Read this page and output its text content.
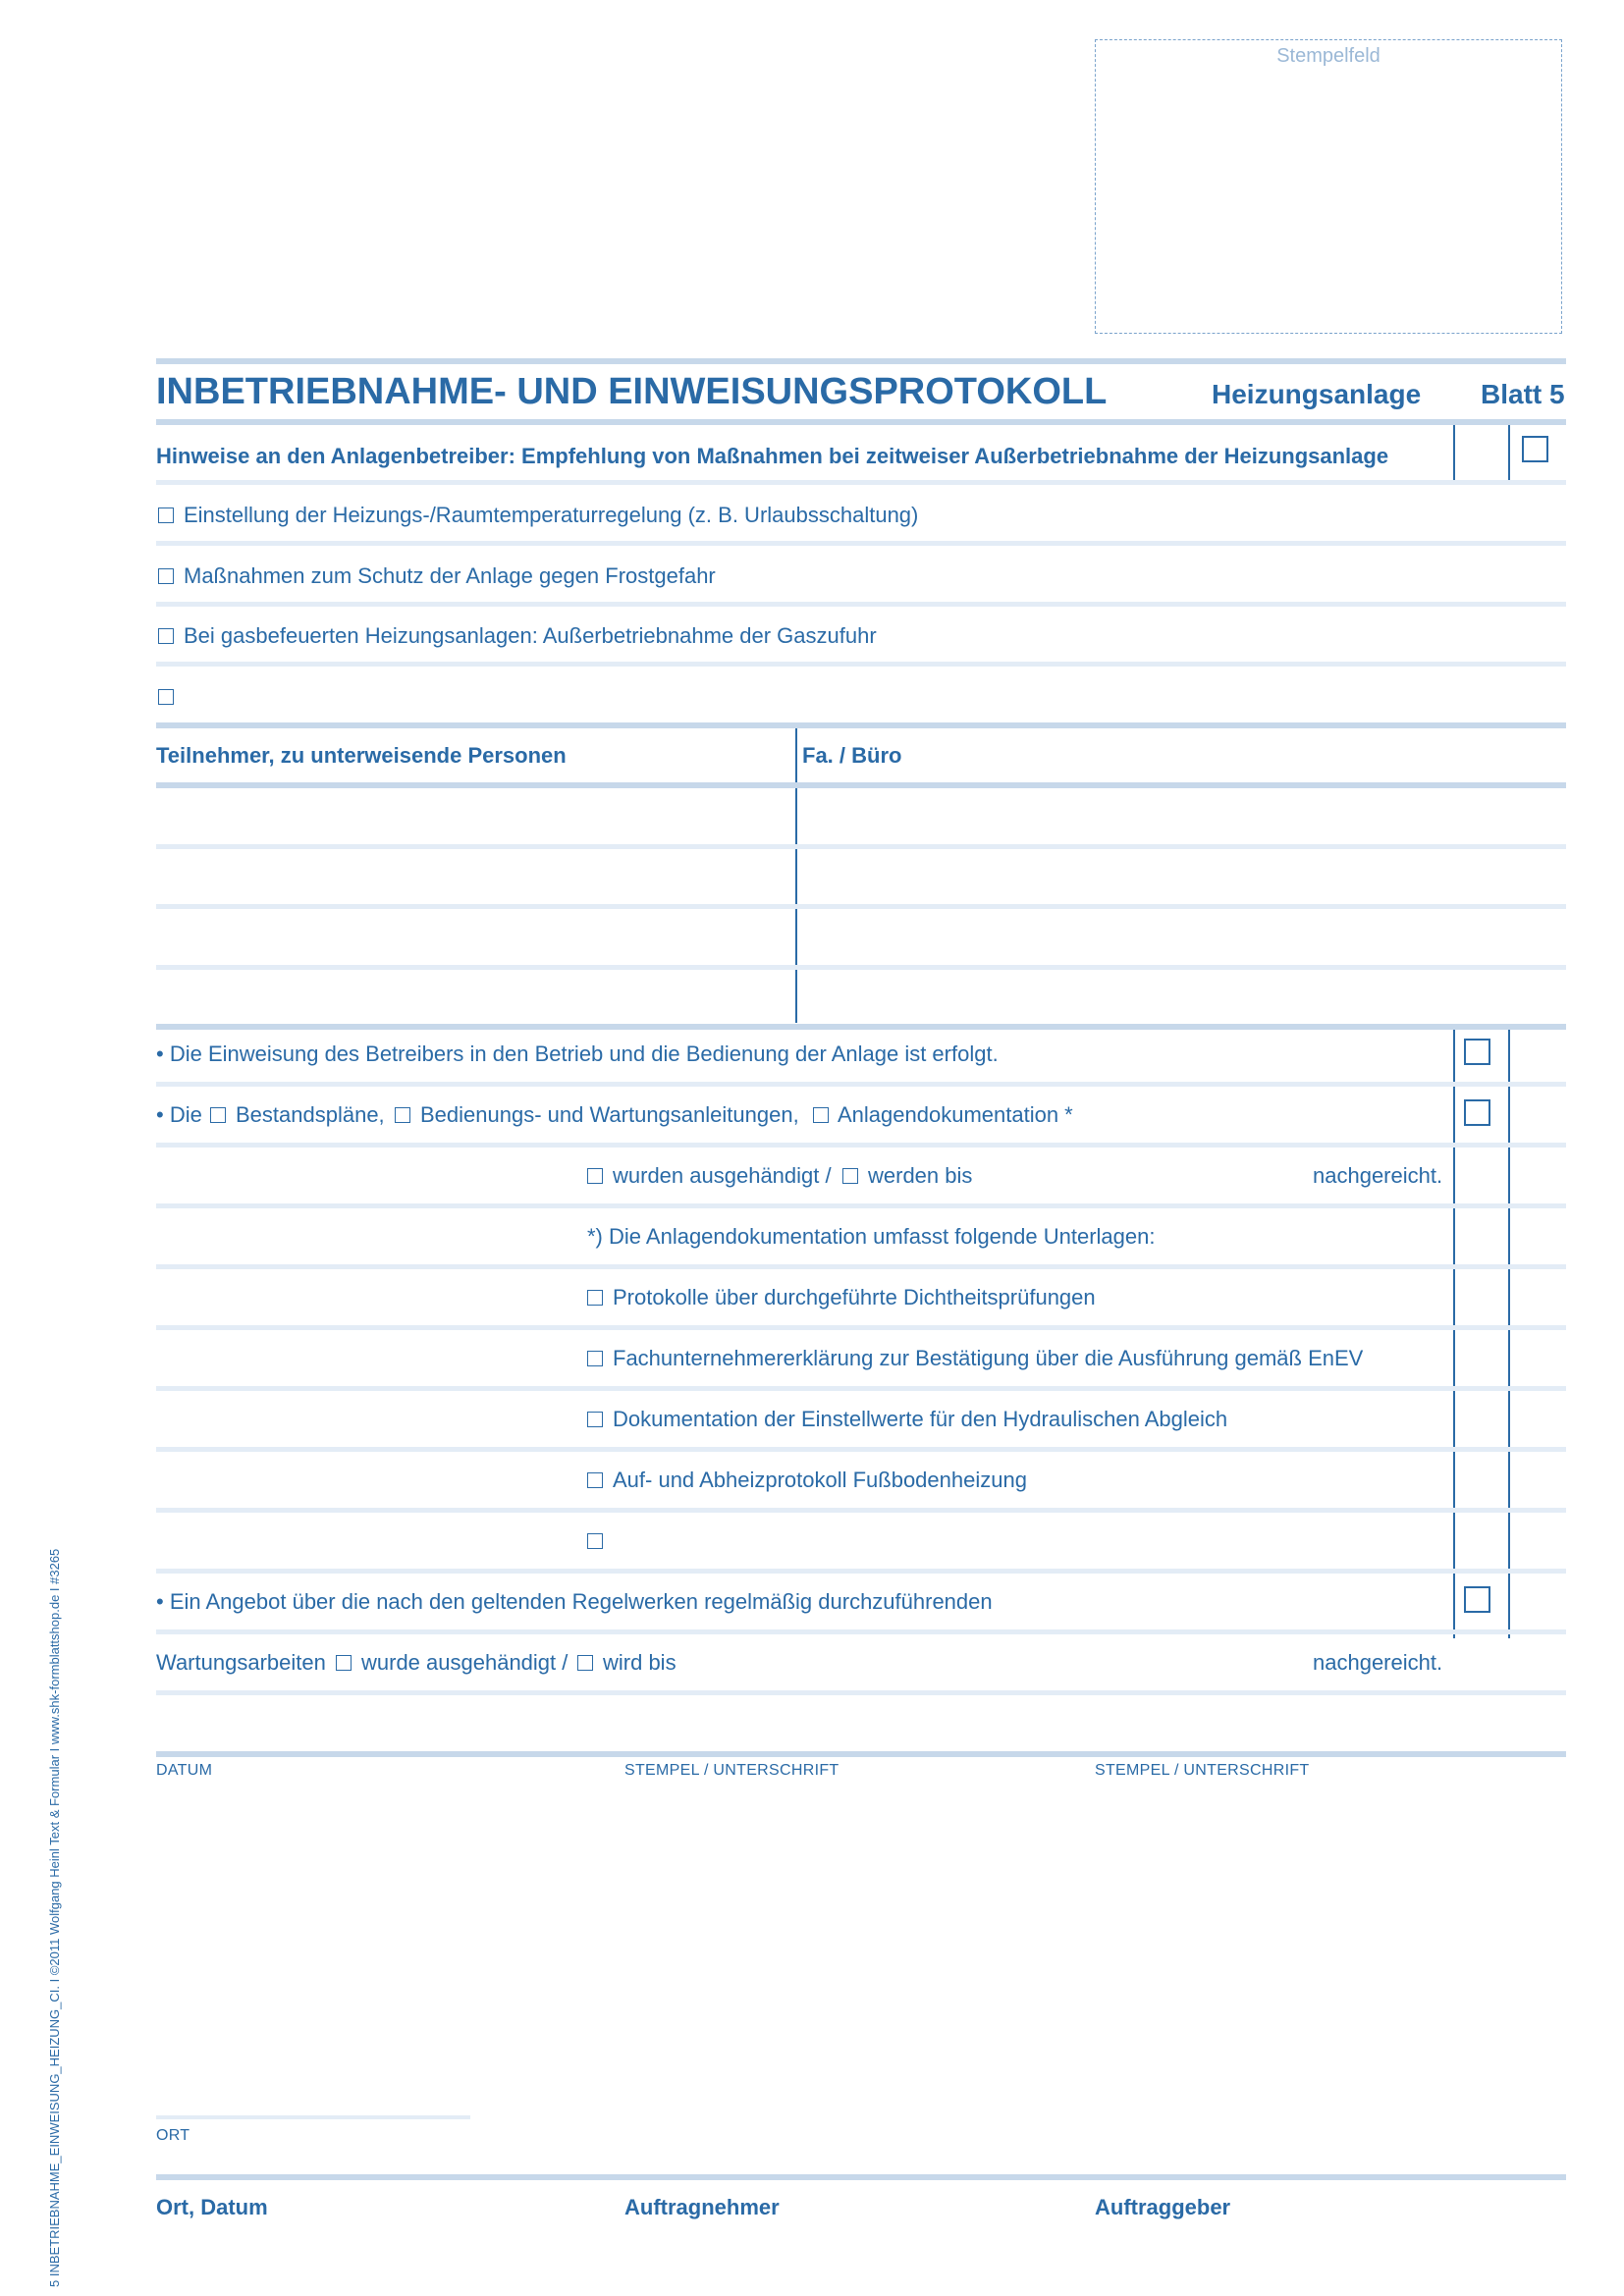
Stempelfeld
INBETRIEBNAHME- UND EINWEISUNGSPROTOKOLL	Heizungsanlage Blatt 5
Hinweise an den Anlagenbetreiber: Empfehlung von Maßnahmen bei zeitweiser Außerbetriebnahme der Heizungsanlage
Einstellung der Heizungs-/Raumtemperaturregelung (z. B. Urlaubsschaltung)
Maßnahmen zum Schutz der Anlage gegen Frostgefahr
Bei gasbefeuerten Heizungsanlagen: Außerbetriebnahme der Gaszufuhr
Teilnehmer, zu unterweisende Personen	Fa. / Büro
• Die Einweisung des Betreibers in den Betrieb und die Bedienung der Anlage ist erfolgt.
• Die Bestandspläne, Bedienungs- und Wartungsanleitungen, Anlagendokumentation *
wurden ausgehändigt / werden bis	nachgereicht.
*) Die Anlagendokumentation umfasst folgende Unterlagen:
Protokolle über durchgeführte Dichtheitsprüfungen
Fachunternehmererklärung zur Bestätigung über die Ausführung gemäß EnEV
Dokumentation der Einstellwerte für den Hydraulischen Abgleich
Auf- und Abheizprotokoll Fußbodenheizung
• Ein Angebot über die nach den geltenden Regelwerken regelmäßig durchzuführenden
Wartungsarbeiten wurde ausgehändigt / wird bis	nachgereicht.
DATUM	STEMPEL / UNTERSCHRIFT	STEMPEL / UNTERSCHRIFT
ORT
Ort, Datum	Auftragnehmer	Auftraggeber
5 INBETRIEBNAHME_EINWEISUNG_HEIZUNG_CI. I ©2011 Wolfgang Heinl Text & Formular I www.shk-formblattshop.de I #3265
